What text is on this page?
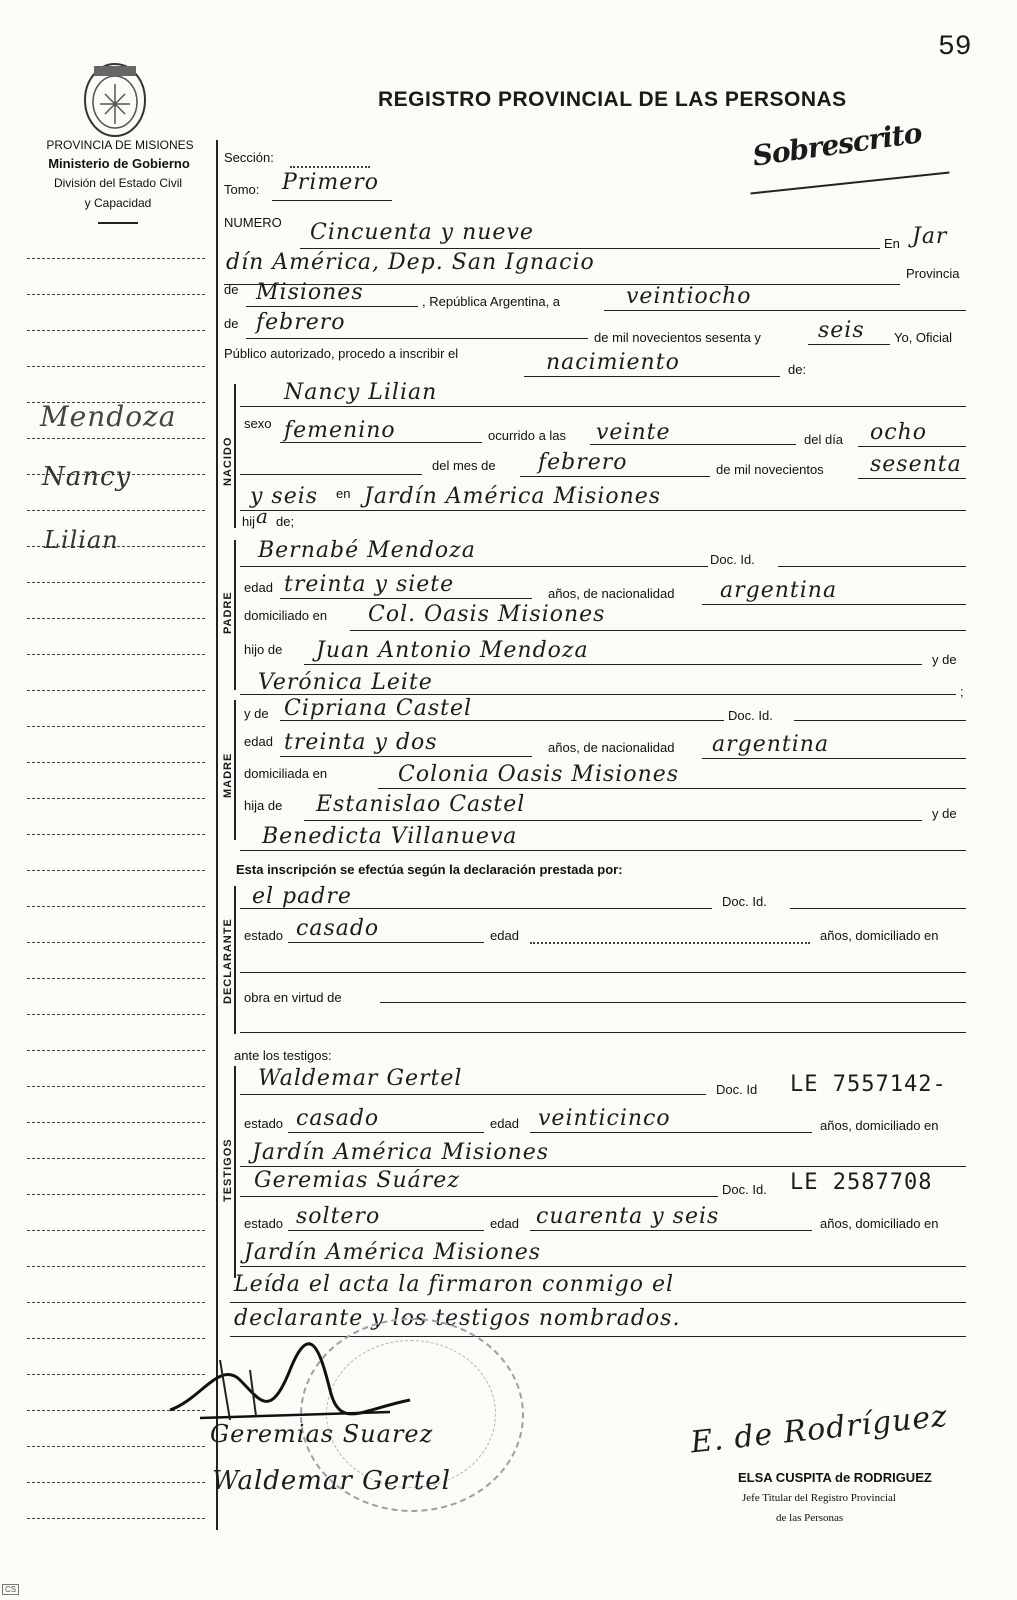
59
PROVINCIA DE MISIONES
Ministerio de Gobierno
División del Estado Civil
y Capacidad
REGISTRO PROVINCIAL DE LAS PERSONAS
Sobrescrito
Mendoza
Nancy
Lilian
Sección:
Tomo: Primero
NUMERO Cincuenta y nueve	En Jar
dín América, Dep. San Ignacio	Provincia
de Misiones	, República Argentina, a	veintiocho
de febrero
de mil novecientos sesenta y	seis Yo, Oficial
Público autorizado, procedo a inscribir el	nacimiento	de:
NACIDO
Nancy Lilian
sexo femenino	ocurrido a las veinte	del día ocho
del mes de febrero	de mil novecientos sesenta
y seis en Jardín América Misiones
hij a de;
PADRE
Bernabé Mendoza	Doc. Id.
edad treinta y siete	años, de nacionalidad argentina
domiciliado en Col. Oasis Misiones
hijo de Juan Antonio Mendoza	y de
Verónica Leite	;
MADRE
y de Cipriana Castel	Doc. Id.
edad treinta y dos	años, de nacionalidad argentina
domiciliada en	Colonia Oasis Misiones
hija de Estanislao Castel	y de
Benedicta Villanueva
Esta inscripción se efectúa según la declaración prestada por:
DECLARANTE
el padre	Doc. Id.
estado casado	edad	años, domiciliado en
obra en virtud de
ante los testigos:
TESTIGOS
Waldemar Gertel	Doc. Id LE 7557142-
estado casado	edad veinticinco	años, domiciliado en
Jardín América Misiones
Geremias Suárez	Doc. Id. LE 2587708
estado soltero	edad cuarenta y seis	años, domiciliado en
Jardín América Misiones
Leída el acta la firmaron conmigo el
declarante y los testigos nombrados.
Geremias Suarez
Waldemar Gertel
E. de Rodríguez
ELSA CUSPITA de RODRIGUEZ
Jefe Titular del Registro Provincial
de las Personas
CS
